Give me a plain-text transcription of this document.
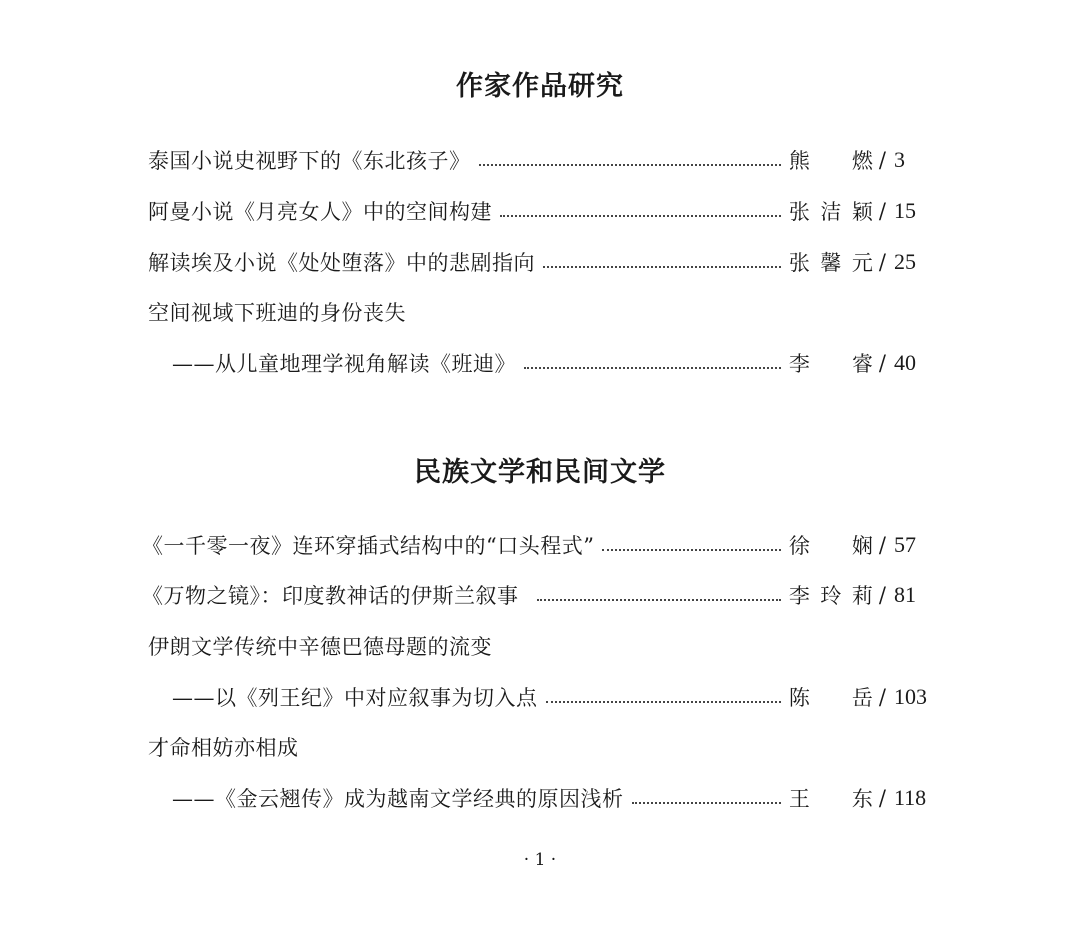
作家作品研究
泰国小说史视野下的《东北孩子》	熊 燃 / 3
阿曼小说《月亮女人》中的空间构建	张 洁 颖 / 15
解读埃及小说《处处堕落》中的悲剧指向	张 馨 元 / 25
空间视域下班迪的身份丧失
——从儿童地理学视角解读《班迪》	李 睿 / 40
民族文学和民间文学
《一千零一夜》连环穿插式结构中的“口头程式”	徐 娴 / 57
《万物之镜》：印度教神话的伊斯兰叙事	李 玲 莉 / 81
伊朗文学传统中辛德巴德母题的流变
——以《列王纪》中对应叙事为切入点	陈 岳 / 103
才命相妨亦相成
——《金云翘传》成为越南文学经典的原因浅析	王 东 / 118
· 1 ·
